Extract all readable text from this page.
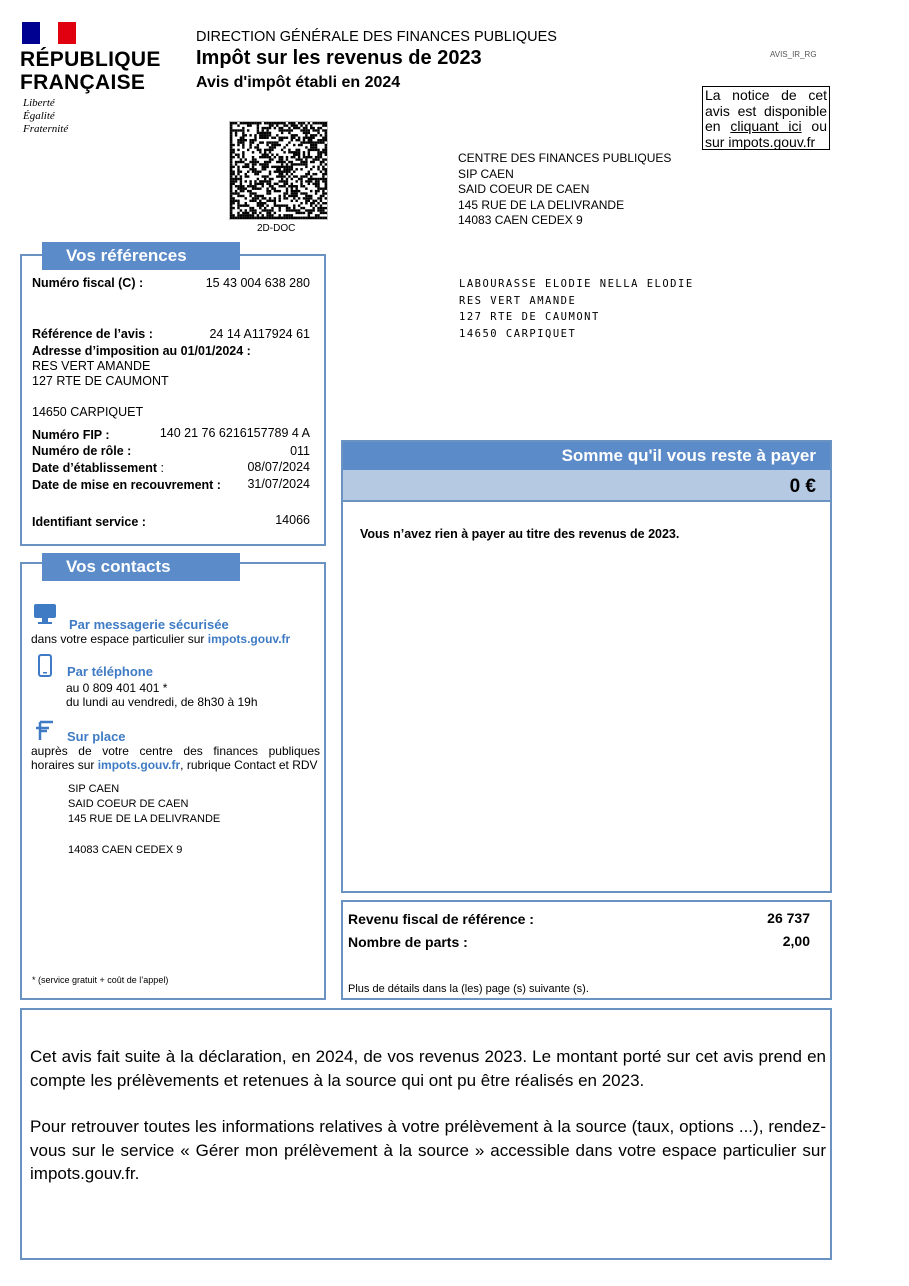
RÉPUBLIQUE
FRANÇAISE
Liberté
Égalité
Fraternité
DIRECTION GÉNÉRALE DES FINANCES PUBLIQUES
Impôt sur les revenus de 2023
Avis d'impôt établi en 2024
AVIS_IR_RG
La notice de cet avis est disponible en cliquant ici ou sur impots.gouv.fr
2D-DOC
CENTRE DES FINANCES PUBLIQUES
SIP CAEN
SAID COEUR DE CAEN
145 RUE DE LA DELIVRANDE
14083 CAEN CEDEX 9
LABOURASSE ELODIE NELLA ELODIE
RES VERT AMANDE
127 RTE DE CAUMONT
14650 CARPIQUET
Vos références
Numéro fiscal (C) :	15 43 004 638 280
Référence de l’avis :	24 14 A117924 61
Adresse d’imposition au 01/01/2024 :
RES VERT AMANDE
127 RTE DE CAUMONT
14650 CARPIQUET
Numéro FIP :	140 21 76 6216157789 4 A
Numéro de rôle :	011
Date d’établissement :	08/07/2024
Date de mise en recouvrement : 31/07/2024
Identifiant service :	14066
Vos contacts
Par messagerie sécurisée
dans votre espace particulier sur impots.gouv.fr
Par téléphone
au 0 809 401 401 *
du lundi au vendredi, de 8h30 à 19h
Sur place
auprès de votre centre des finances publiques
horaires sur impots.gouv.fr, rubrique Contact et RDV
SIP CAEN
SAID COEUR DE CAEN
145 RUE DE LA DELIVRANDE
14083 CAEN CEDEX 9
* (service gratuit + coût de l’appel)
Somme qu'il vous reste à payer
0 €
Vous n’avez rien à payer au titre des revenus de 2023.
Revenu fiscal de référence :	26 737
Nombre de parts :	2,00
Plus de détails dans la (les) page (s) suivante (s).
Cet avis fait suite à la déclaration, en 2024, de vos revenus 2023. Le montant porté sur cet avis prend en compte les prélèvements et retenues à la source qui ont pu être réalisés en 2023.
Pour retrouver toutes les informations relatives à votre prélèvement à la source (taux, options ...), rendez-vous sur le service « Gérer mon prélèvement à la source » accessible dans votre espace particulier sur impots.gouv.fr.
